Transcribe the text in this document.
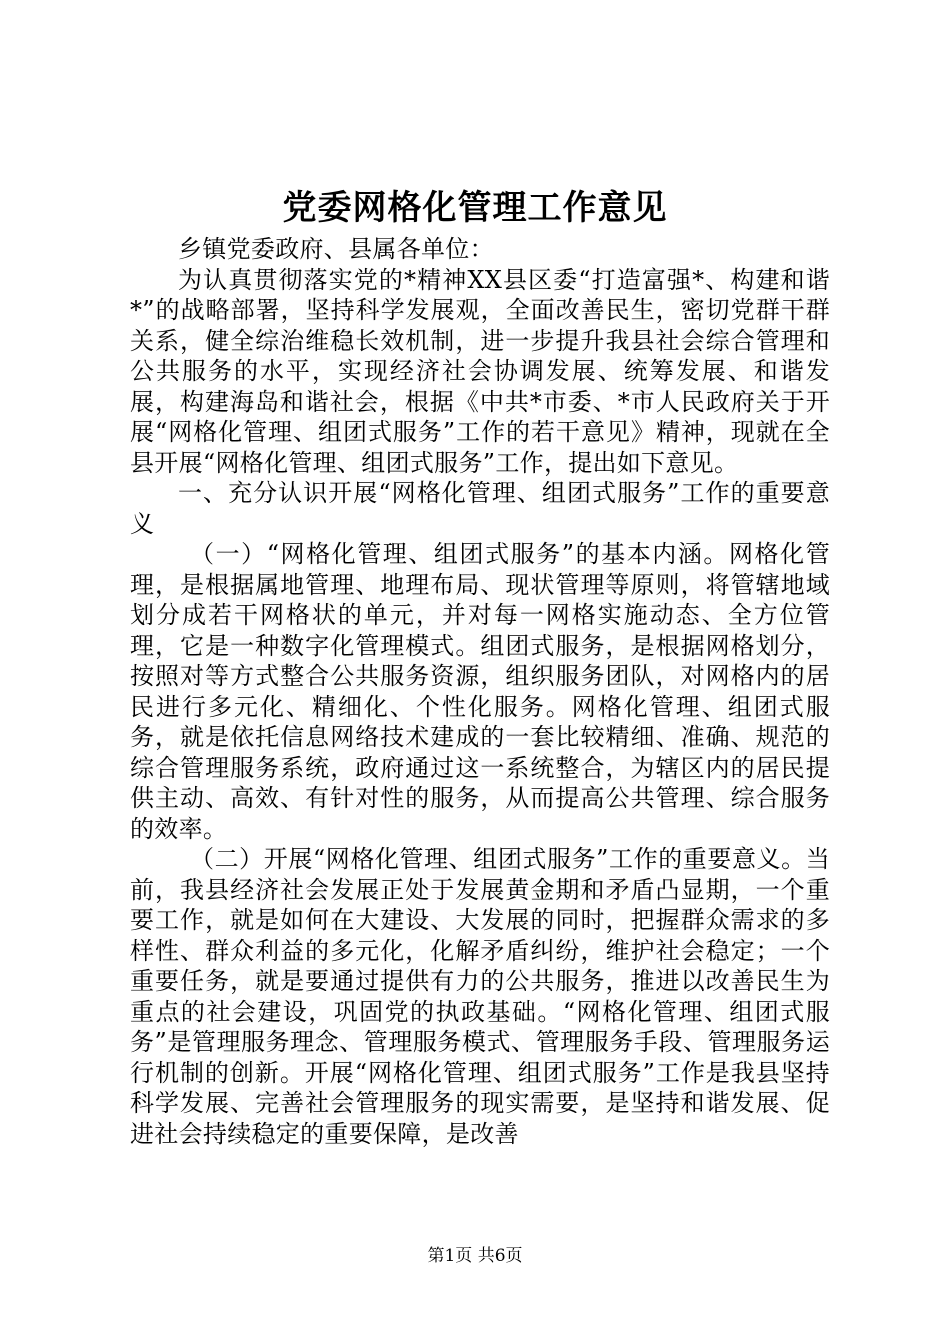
党委网格化管理工作意见

乡镇党委政府、县属各单位：

为认真贯彻落实党的*精神XX县区委“打造富强*、构建和谐*”的战略部署，坚持科学发展观，全面改善民生，密切党群干群关系，健全综治维稳长效机制，进一步提升我县社会综合管理和公共服务的水平，实现经济社会协调发展、统筹发展、和谐发展，构建海岛和谐社会，根据《中共*市委、*市人民政府关于开展“网格化管理、组团式服务”工作的若干意见》精神，现就在全县开展“网格化管理、组团式服务”工作，提出如下意见。

一、充分认识开展“网格化管理、组团式服务”工作的重要意义

（一）“网格化管理、组团式服务”的基本内涵。网格化管理，是根据属地管理、地理布局、现状管理等原则，将管辖地域划分成若干网格状的单元，并对每一网格实施动态、全方位管理，它是一种数字化管理模式。组团式服务，是根据网格划分，按照对等方式整合公共服务资源，组织服务团队，对网格内的居民进行多元化、精细化、个性化服务。网格化管理、组团式服务，就是依托信息网络技术建成的一套比较精细、准确、规范的综合管理服务系统，政府通过这一系统整合，为辖区内的居民提供主动、高效、有针对性的服务，从而提高公共管理、综合服务的效率。

（二）开展“网格化管理、组团式服务”工作的重要意义。当前，我县经济社会发展正处于发展黄金期和矛盾凸显期，一个重要工作，就是如何在大建设、大发展的同时，把握群众需求的多样性、群众利益的多元化，化解矛盾纠纷，维护社会稳定；一个重要任务，就是要通过提供有力的公共服务，推进以改善民生为重点的社会建设，巩固党的执政基础。“网格化管理、组团式服务”是管理服务理念、管理服务模式、管理服务手段、管理服务运行机制的创新。开展“网格化管理、组团式服务”工作是我县坚持科学发展、完善社会管理服务的现实需要，是坚持和谐发展、促进社会持续稳定的重要保障，是改善

第1页 共6页
